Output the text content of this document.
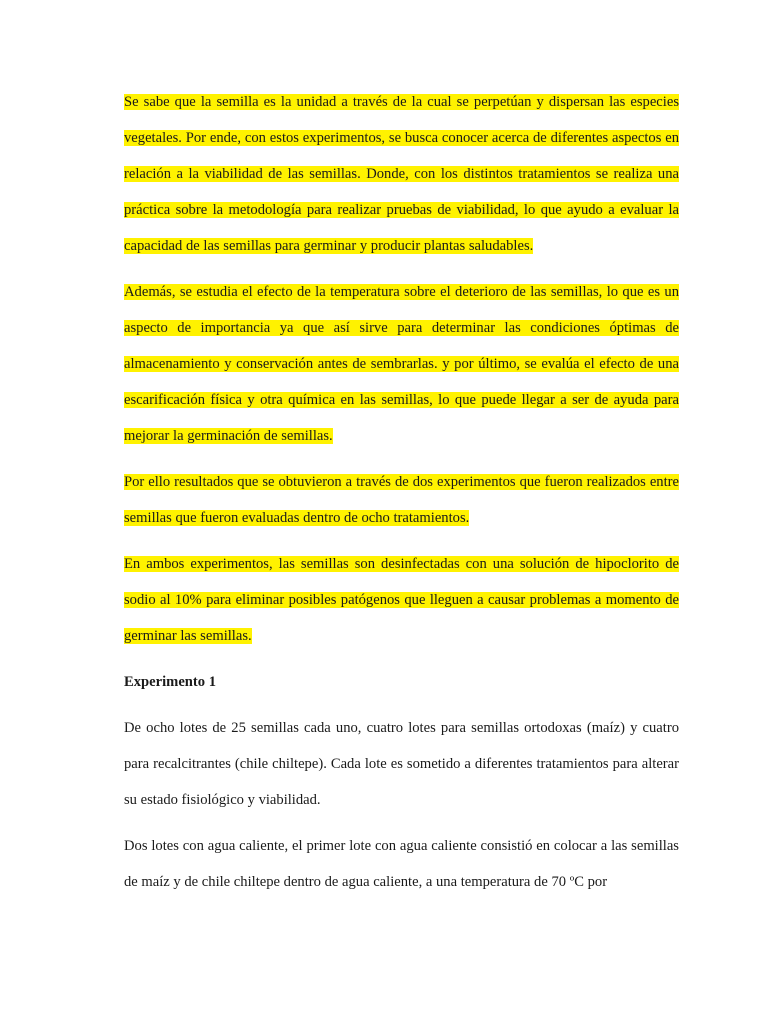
Se sabe que la semilla es la unidad a través de la cual se perpetúan y dispersan las especies vegetales. Por ende, con estos experimentos, se busca conocer acerca de diferentes aspectos en relación a la viabilidad de las semillas. Donde, con los distintos tratamientos se realiza una práctica sobre la metodología para realizar pruebas de viabilidad, lo que ayudo a evaluar la capacidad de las semillas para germinar y producir plantas saludables.

Además, se estudia el efecto de la temperatura sobre el deterioro de las semillas, lo que es un aspecto de importancia ya que así sirve para determinar las condiciones óptimas de almacenamiento y conservación antes de sembrarlas. y por último, se evalúa el efecto de una escarificación física y otra química en las semillas, lo que puede llegar a ser de ayuda para mejorar la germinación de semillas.

Por ello resultados que se obtuvieron a través de dos experimentos que fueron realizados entre semillas que fueron evaluadas dentro de ocho tratamientos.

En ambos experimentos, las semillas son desinfectadas con una solución de hipoclorito de sodio al 10% para eliminar posibles patógenos que lleguen a causar problemas a momento de germinar las semillas.

Experimento 1

De ocho lotes de 25 semillas cada uno, cuatro lotes para semillas ortodoxas (maíz) y cuatro para recalcitrantes (chile chiltepe). Cada lote es sometido a diferentes tratamientos para alterar su estado fisiológico y viabilidad.

Dos lotes con agua caliente, el primer lote con agua caliente consistió en colocar a las semillas de maíz y de chile chiltepe dentro de agua caliente, a una temperatura de 70 ºC por
